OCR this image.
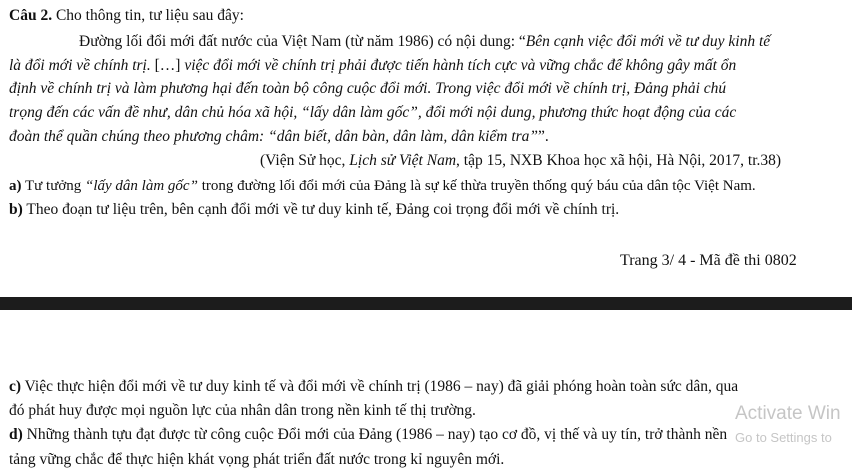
Câu 2. Cho thông tin, tư liệu sau đây:
Đường lối đổi mới đất nước của Việt Nam (từ năm 1986) có nội dung: “Bên cạnh việc đổi mới về tư duy kinh tế
là đổi mới về chính trị. […] việc đổi mới về chính trị phải được tiến hành tích cực và vững chắc để không gây mất ổn
định về chính trị và làm phương hại đến toàn bộ công cuộc đổi mới. Trong việc đổi mới về chính trị, Đảng phải chú
trọng đến các vấn đề như, dân chủ hóa xã hội, “lấy dân làm gốc”, đổi mới nội dung, phương thức hoạt động của các
đoàn thể quần chúng theo phương châm: “dân biết, dân bàn, dân làm, dân kiểm tra””.
(Viện Sử học, Lịch sử Việt Nam, tập 15, NXB Khoa học xã hội, Hà Nội, 2017, tr.38)
a) Tư tưởng “lấy dân làm gốc” trong đường lối đổi mới của Đảng là sự kế thừa truyền thống quý báu của dân tộc Việt Nam.
b) Theo đoạn tư liệu trên, bên cạnh đổi mới về tư duy kinh tế, Đảng coi trọng đổi mới về chính trị.
Trang 3/ 4 - Mã đề thi 0802
c) Việc thực hiện đổi mới về tư duy kinh tế và đổi mới về chính trị (1986 – nay) đã giải phóng hoàn toàn sức dân, qua
đó phát huy được mọi nguồn lực của nhân dân trong nền kinh tế thị trường.
d) Những thành tựu đạt được từ công cuộc Đổi mới của Đảng (1986 – nay) tạo cơ đồ, vị thế và uy tín, trở thành nền
tảng vững chắc để thực hiện khát vọng phát triển đất nước trong kỉ nguyên mới.
Activate Win
Go to Settings to
